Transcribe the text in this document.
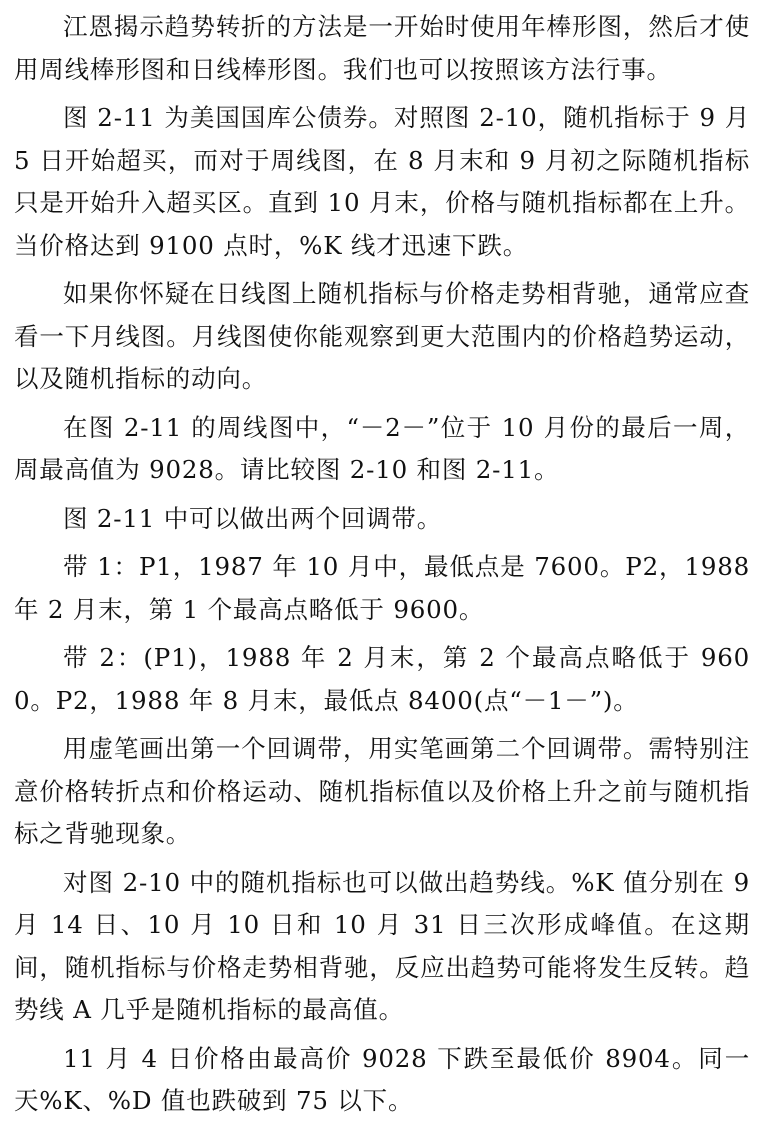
江恩揭示趋势转折的方法是一开始时使用年棒形图，然后才使用周线棒形图和日线棒形图。我们也可以按照该方法行事。

图 2-11 为美国国库公债券。对照图 2-10，随机指标于 9 月 5 日开始超买，而对于周线图，在 8 月末和 9 月初之际随机指标只是开始升入超买区。直到 10 月末，价格与随机指标都在上升。当价格达到 9100 点时，%K 线才迅速下跌。

如果你怀疑在日线图上随机指标与价格走势相背驰，通常应查看一下月线图。月线图使你能观察到更大范围内的价格趋势运动，以及随机指标的动向。

在图 2-11 的周线图中，“－2－”位于 10 月份的最后一周，周最高值为 9028。请比较图 2-10 和图 2-11。

图 2-11 中可以做出两个回调带。

带 1：P1，1987 年 10 月中，最低点是 7600。P2，1988 年 2 月末，第 1 个最高点略低于 9600。

带 2：(P1)，1988 年 2 月末，第 2 个最高点略低于 9600。P2，1988 年 8 月末，最低点 8400(点“－1－”)。

用虚笔画出第一个回调带，用实笔画第二个回调带。需特别注意价格转折点和价格运动、随机指标值以及价格上升之前与随机指标之背驰现象。

对图 2-10 中的随机指标也可以做出趋势线。%K 值分别在 9 月 14 日、10 月 10 日和 10 月 31 日三次形成峰值。在这期间，随机指标与价格走势相背驰，反应出趋势可能将发生反转。趋势线 A 几乎是随机指标的最高值。

11 月 4 日价格由最高价 9028 下跌至最低价 8904。同一天%K、%D 值也跌破到 75 以下。
